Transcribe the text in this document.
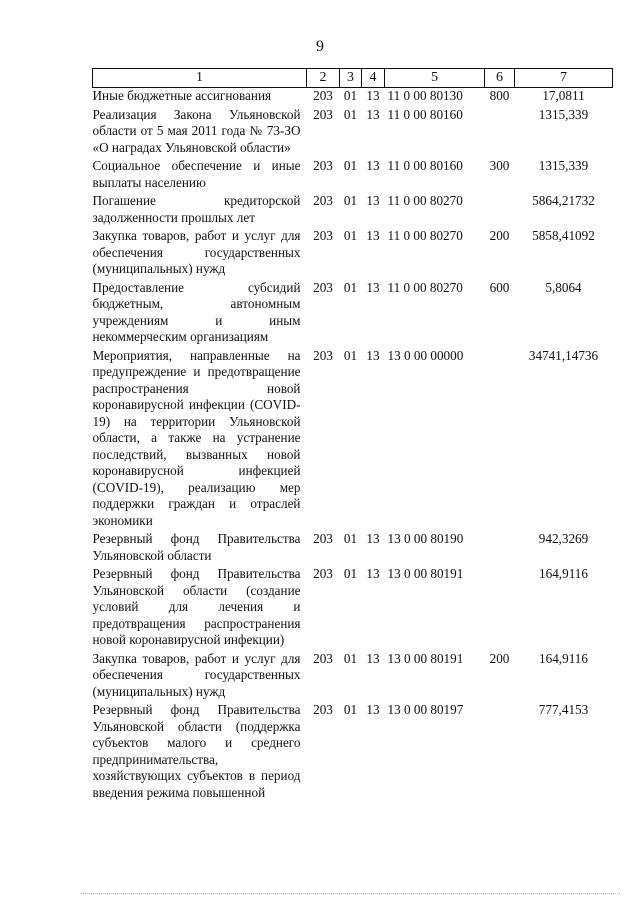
9
1	2	3	4	5	6	7
Иные бюджетные ассигнования	203	01	13	11 0 00 80130	800	17,0811
Реализация Закона Ульяновской области от 5 мая 2011 года № 73-ЗО «О наградах Ульяновской области»	203	01	13	11 0 00 80160		1315,339
Социальное обеспечение и иные выплаты населению	203	01	13	11 0 00 80160	300	1315,339
Погашение кредиторской задолженности прошлых лет	203	01	13	11 0 00 80270		5864,21732
Закупка товаров, работ и услуг для обеспечения государственных (муниципальных) нужд	203	01	13	11 0 00 80270	200	5858,41092
Предоставление субсидий бюджетным, автономным учреждениям и иным некоммерческим организациям	203	01	13	11 0 00 80270	600	5,8064
Мероприятия, направленные на предупреждение и предотвращение распространения новой коронавирусной инфекции (COVID-19) на территории Ульяновской области, а также на устранение последствий, вызванных новой коронавирусной инфекцией (COVID-19), реализацию мер поддержки граждан и отраслей экономики	203	01	13	13 0 00 00000		34741,14736
Резервный фонд Правительства Ульяновской области	203	01	13	13 0 00 80190		942,3269
Резервный фонд Правительства Ульяновской области (создание условий для лечения и предотвращения распространения новой коронавирусной инфекции)	203	01	13	13 0 00 80191		164,9116
Закупка товаров, работ и услуг для обеспечения государственных (муниципальных) нужд	203	01	13	13 0 00 80191	200	164,9116
Резервный фонд Правительства Ульяновской области (поддержка субъектов малого и среднего предпринимательства, хозяйствующих субъектов в период введения режима повышенной	203	01	13	13 0 00 80197		777,4153
